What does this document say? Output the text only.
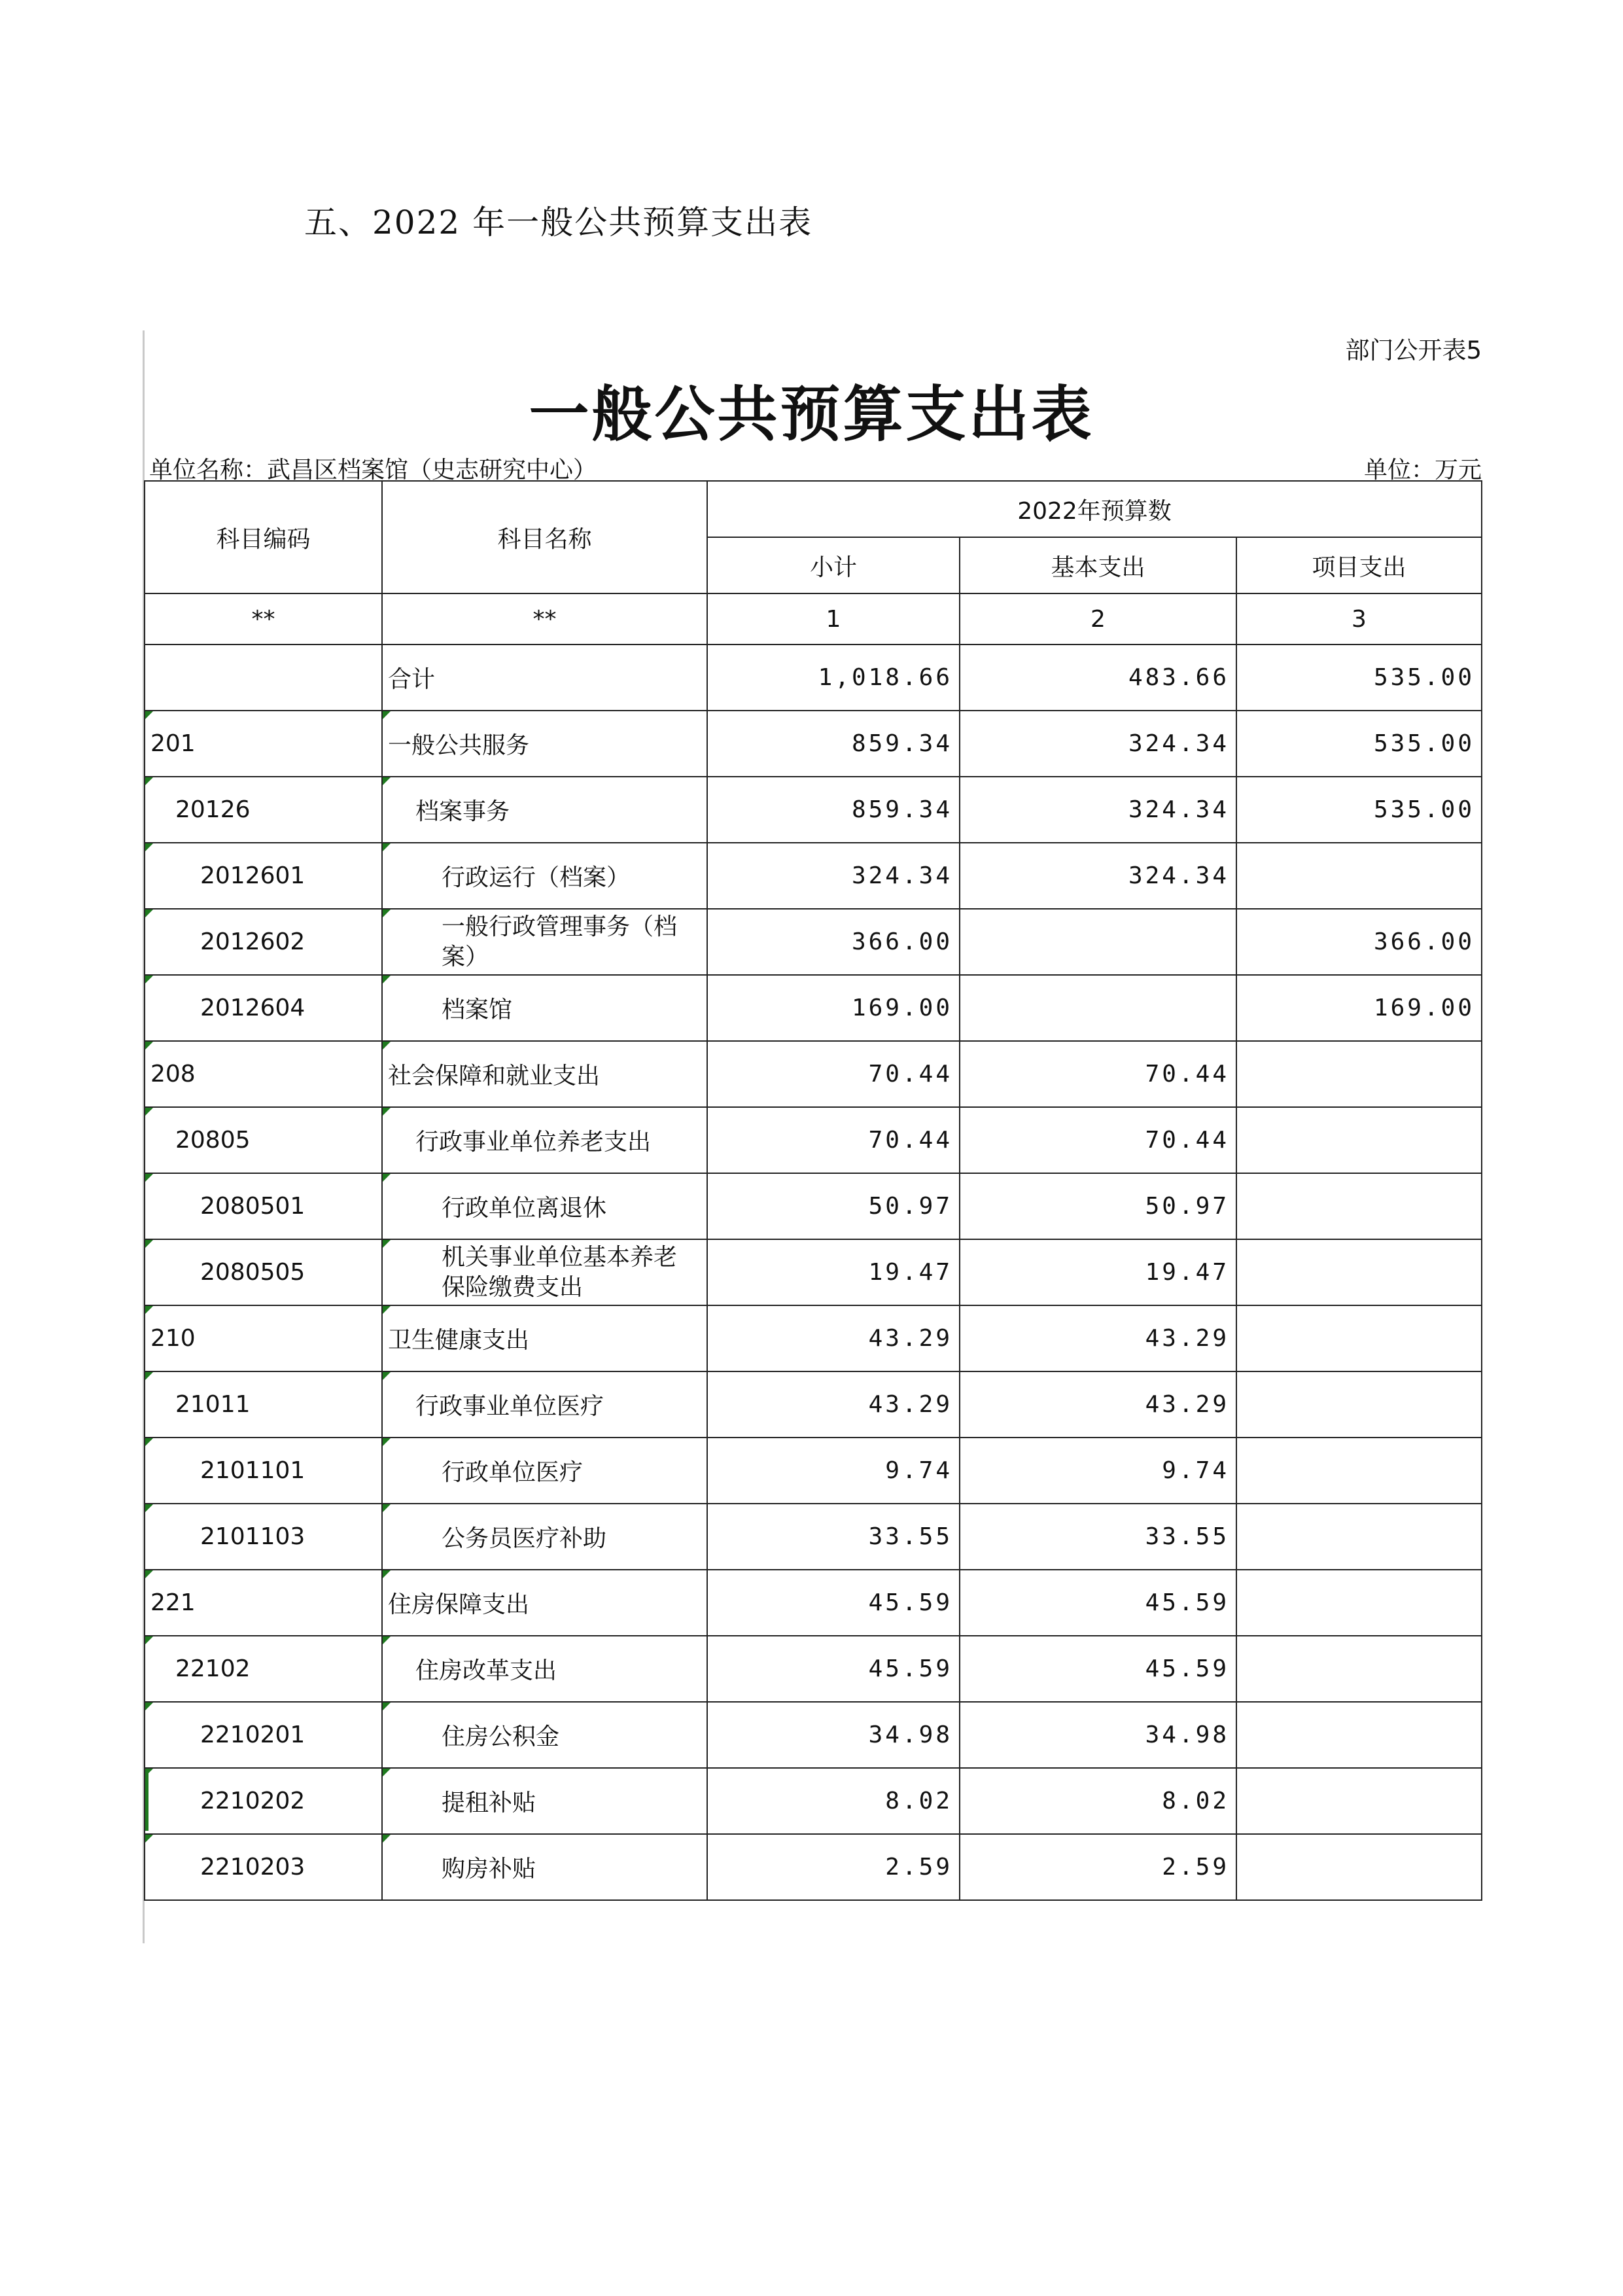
五、2022 年一般公共预算支出表
部门公开表5
一般公共预算支出表
单位名称：武昌区档案馆（史志研究中心）	单位：万元
科目编码	科目名称	2022年预算数		
		小计	基本支出	项目支出
**	**	1	2	3
	合计	1,018.66	483.66	535.00

201	一般公共服务	859.34	324.34	535.00

20126	档案事务	859.34	324.34	535.00

2012601	行政运行（档案）	324.34	324.34	

2012602	一般行政管理事务（档案）	366.00		366.00

2012604	档案馆	169.00		169.00

208	社会保障和就业支出	70.44	70.44	

20805	行政事业单位养老支出	70.44	70.44	

2080501	行政单位离退休	50.97	50.97	

2080505	机关事业单位基本养老保险缴费支出	19.47	19.47	

210	卫生健康支出	43.29	43.29	

21011	行政事业单位医疗	43.29	43.29	

2101101	行政单位医疗	9.74	9.74	

2101103	公务员医疗补助	33.55	33.55	

221	住房保障支出	45.59	45.59	

22102	住房改革支出	45.59	45.59	

2210201	住房公积金	34.98	34.98	

2210202	提租补贴	8.02	8.02	

2210203	购房补贴	2.59	2.59	
